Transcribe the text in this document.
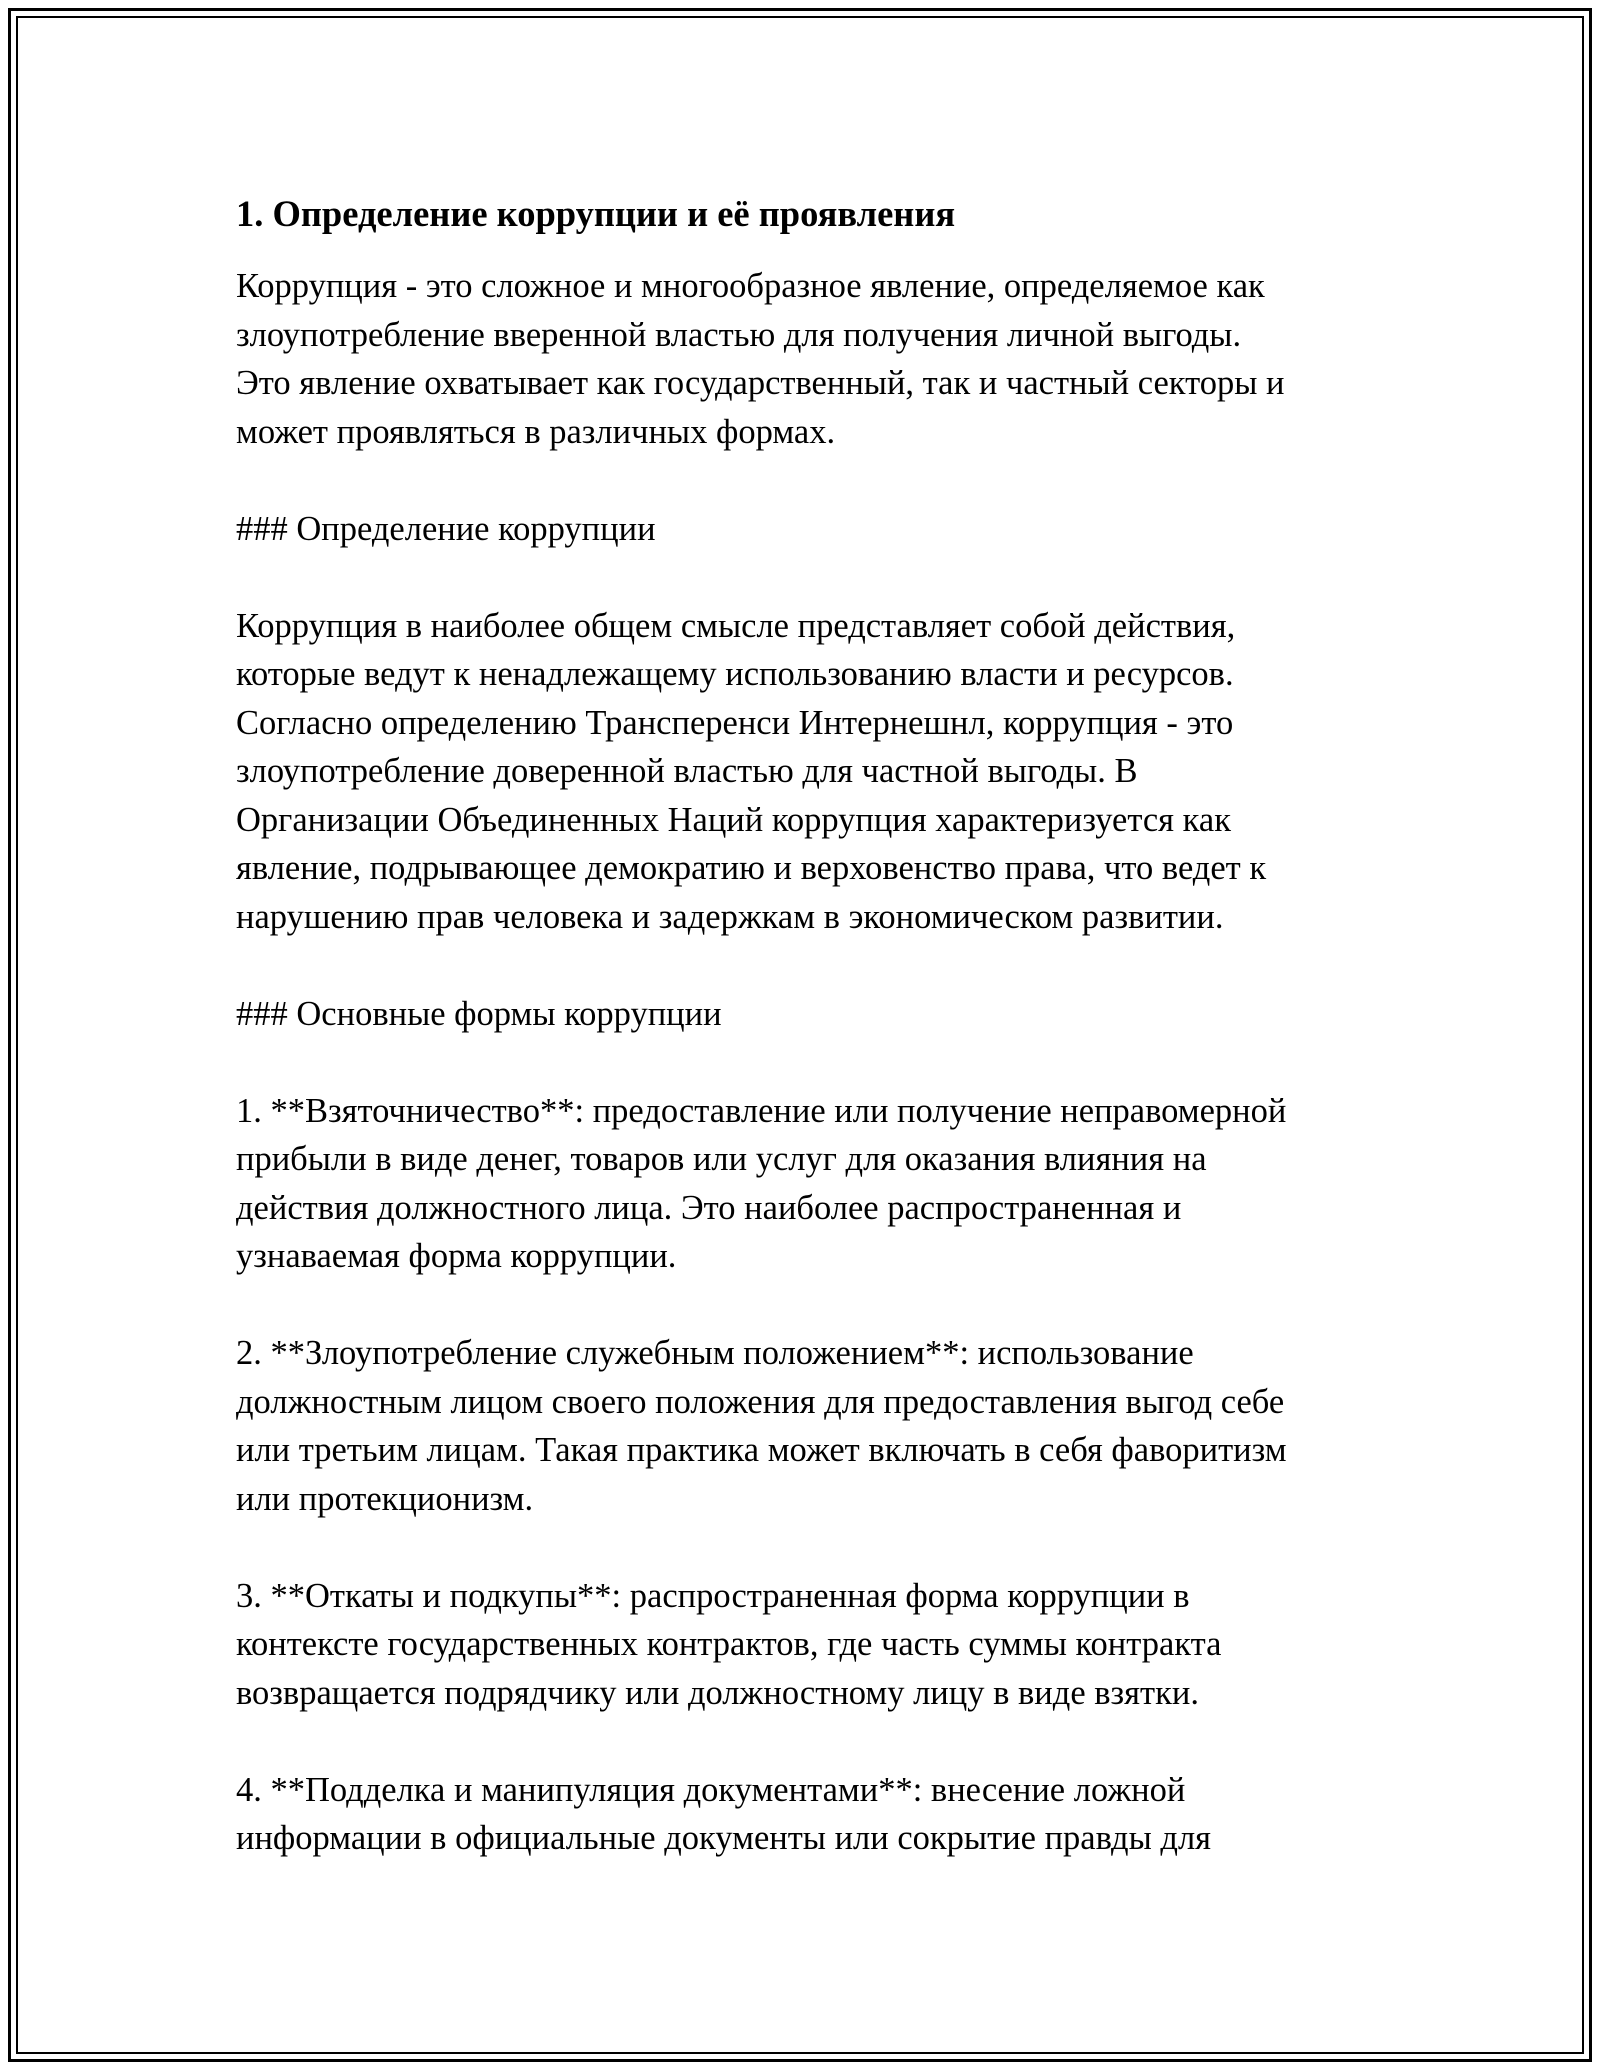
1. Определение коррупции и её проявления

Коррупция - это сложное и многообразное явление, определяемое как
злоупотребление вверенной властью для получения личной выгоды.
Это явление охватывает как государственный, так и частный секторы и
может проявляться в различных формах.

### Определение коррупции

Коррупция в наиболее общем смысле представляет собой действия,
которые ведут к ненадлежащему использованию власти и ресурсов.
Согласно определению Трансперенси Интернешнл, коррупция - это
злоупотребление доверенной властью для частной выгоды. В
Организации Объединенных Наций коррупция характеризуется как
явление, подрывающее демократию и верховенство права, что ведет к
нарушению прав человека и задержкам в экономическом развитии.

### Основные формы коррупции

1. **Взяточничество**: предоставление или получение неправомерной
прибыли в виде денег, товаров или услуг для оказания влияния на
действия должностного лица. Это наиболее распространенная и
узнаваемая форма коррупции.

2. **Злоупотребление служебным положением**: использование
должностным лицом своего положения для предоставления выгод себе
или третьим лицам. Такая практика может включать в себя фаворитизм
или протекционизм.

3. **Откаты и подкупы**: распространенная форма коррупции в
контексте государственных контрактов, где часть суммы контракта
возвращается подрядчику или должностному лицу в виде взятки.

4. **Подделка и манипуляция документами**: внесение ложной
информации в официальные документы или сокрытие правды для
